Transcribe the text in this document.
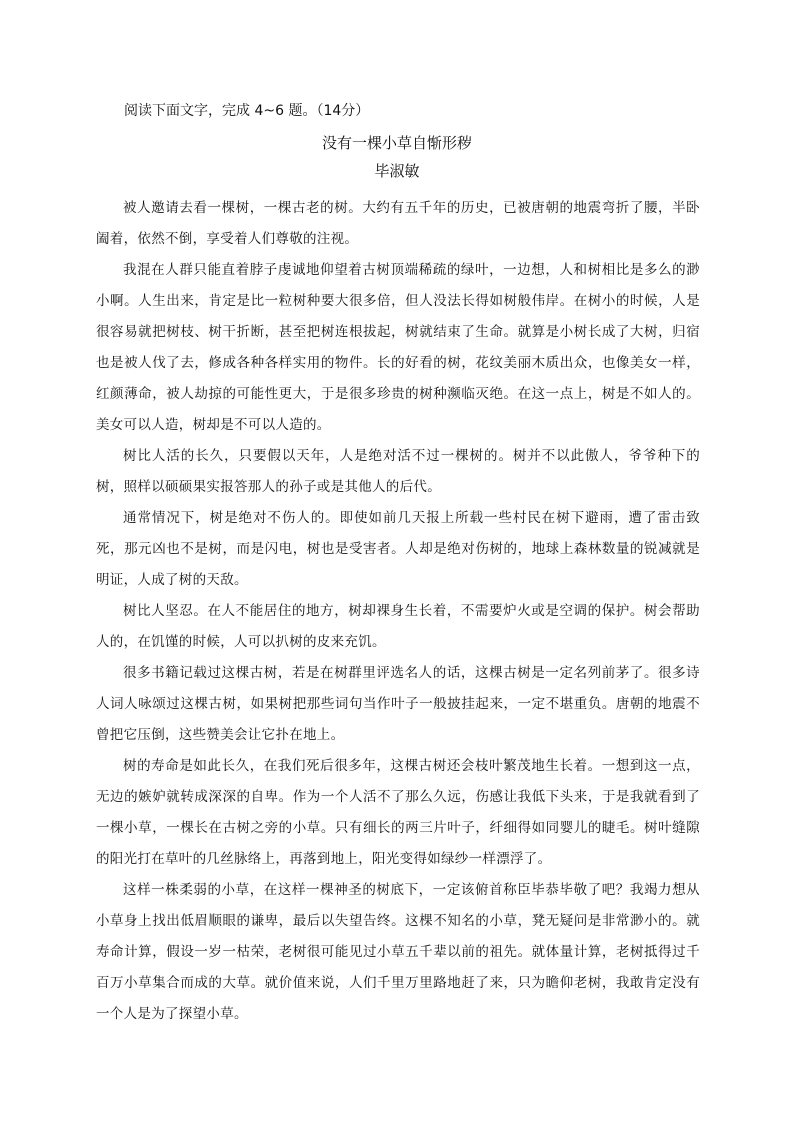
阅读下面文字，完成 4~6 题。（14分）
没有一棵小草自惭形秽
毕淑敏

被人邀请去看一棵树，一棵古老的树。大约有五千年的历史，已被唐朝的地震弯折了腰，半卧阖着，依然不倒，享受着人们尊敬的注视。

我混在人群只能直着脖子虔诚地仰望着古树顶端稀疏的绿叶，一边想，人和树相比是多么的渺小啊。人生出来，肯定是比一粒树种要大很多倍，但人没法长得如树般伟岸。在树小的时候，人是很容易就把树枝、树干折断，甚至把树连根拔起，树就结束了生命。就算是小树长成了大树，归宿也是被人伐了去，修成各种各样实用的物件。长的好看的树，花纹美丽木质出众，也像美女一样，红颜薄命，被人劫掠的可能性更大，于是很多珍贵的树种濒临灭绝。在这一点上，树是不如人的。美女可以人造，树却是不可以人造的。

树比人活的长久，只要假以天年，人是绝对活不过一棵树的。树并不以此傲人，爷爷种下的树，照样以硕硕果实报答那人的孙子或是其他人的后代。

通常情况下，树是绝对不伤人的。即使如前几天报上所载一些村民在树下避雨，遭了雷击致死，那元凶也不是树，而是闪电，树也是受害者。人却是绝对伤树的，地球上森林数量的锐减就是明证，人成了树的天敌。

树比人坚忍。在人不能居住的地方，树却裸身生长着，不需要炉火或是空调的保护。树会帮助人的，在饥馑的时候，人可以扒树的皮来充饥。

很多书籍记载过这棵古树，若是在树群里评选名人的话，这棵古树是一定名列前茅了。很多诗人词人咏颂过这棵古树，如果树把那些词句当作叶子一般披挂起来，一定不堪重负。唐朝的地震不曾把它压倒，这些赞美会让它扑在地上。

树的寿命是如此长久，在我们死后很多年，这棵古树还会枝叶繁茂地生长着。一想到这一点，无边的嫉妒就转成深深的自卑。作为一个人活不了那么久远，伤感让我低下头来，于是我就看到了一棵小草，一棵长在古树之旁的小草。只有细长的两三片叶子，纤细得如同婴儿的睫毛。树叶缝隙的阳光打在草叶的几丝脉络上，再落到地上，阳光变得如绿纱一样漂浮了。

这样一株柔弱的小草，在这样一棵神圣的树底下，一定该俯首称臣毕恭毕敬了吧？我竭力想从小草身上找出低眉顺眼的谦卑，最后以失望告终。这棵不知名的小草，凳无疑问是非常渺小的。就寿命计算，假设一岁一枯荣，老树很可能见过小草五千辈以前的祖先。就体量计算，老树抵得过千百万小草集合而成的大草。就价值来说，人们千里万里路地赶了来，只为瞻仰老树，我敢肯定没有一个人是为了探望小草。
